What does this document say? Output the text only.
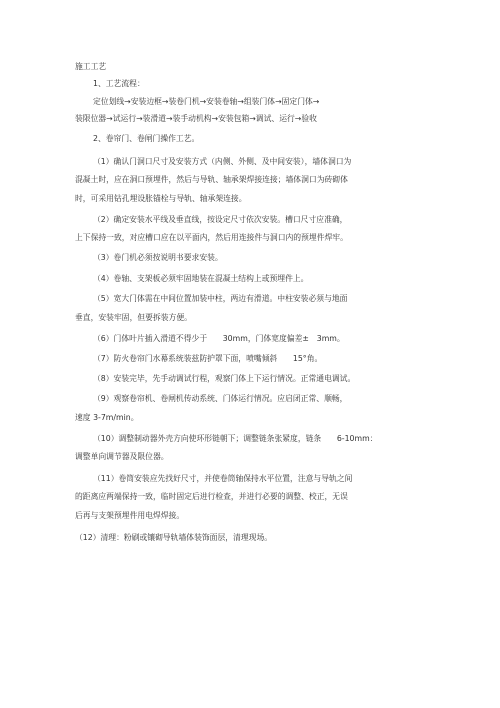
施工工艺
1、工艺流程：
定位划线→安装边框→装卷门机→安装卷轴→组装门体→固定门体→
装限位器→试运行→装滑道→装手动机构→安装包箱→调试、运行→验收
2、卷帘门、卷闸门操作工艺。
（1）确认门洞口尺寸及安装方式（内侧、外侧、及中间安装），墙体洞口为
混凝土时，应在洞口预埋件，然后与导轨、轴承架焊接连接；墙体洞口为砖砌体
时，可采用钻孔埋设胀锚栓与导轨、轴承架连接。
（2）确定安装水平线及垂直线，按设定尺寸依次安装。槽口尺寸应准确，
上下保持一致，对应槽口应在以平面内，然后用连接件与洞口内的预埋件焊牢。
（3）卷门机必须按说明书要求安装。
（4）卷轴、支架板必须牢固地装在混凝土结构上或预埋件上。
（5）宽大门体需在中间位置加装中柱，两边有滑道。中柱安装必须与地面
垂直，安装牢固，但要拆装方便。
（6）门体叶片插入滑道不得少于　　30mm，门体宽度偏差±　3mm。
（7）防火卷帘门水幕系统装兹防护罩下面，喷嘴倾斜　　15°角。
（8）安装完毕，先手动调试行程，观察门体上下运行情况。正常通电调试。
（9）观察卷帘机、卷闸机传动系统、门体运行情况。应启闭正常、顺畅，
速度 3-7m/min。
（10）调整制动器外壳方向使环形链朝下；调整链条张紧度，链条　　6-10mm：
调整单向调节器及限位器。
（11）卷筒安装应先找好尺寸，并使卷筒轴保持水平位置，注意与导轨之间
的距离应两端保持一致，临时固定后进行检查，并进行必要的调整、校正，无误
后再与支架预埋件用电焊焊接。
（12）清理：粉刷或镶砌导轨墙体装饰面层，清理现场。
